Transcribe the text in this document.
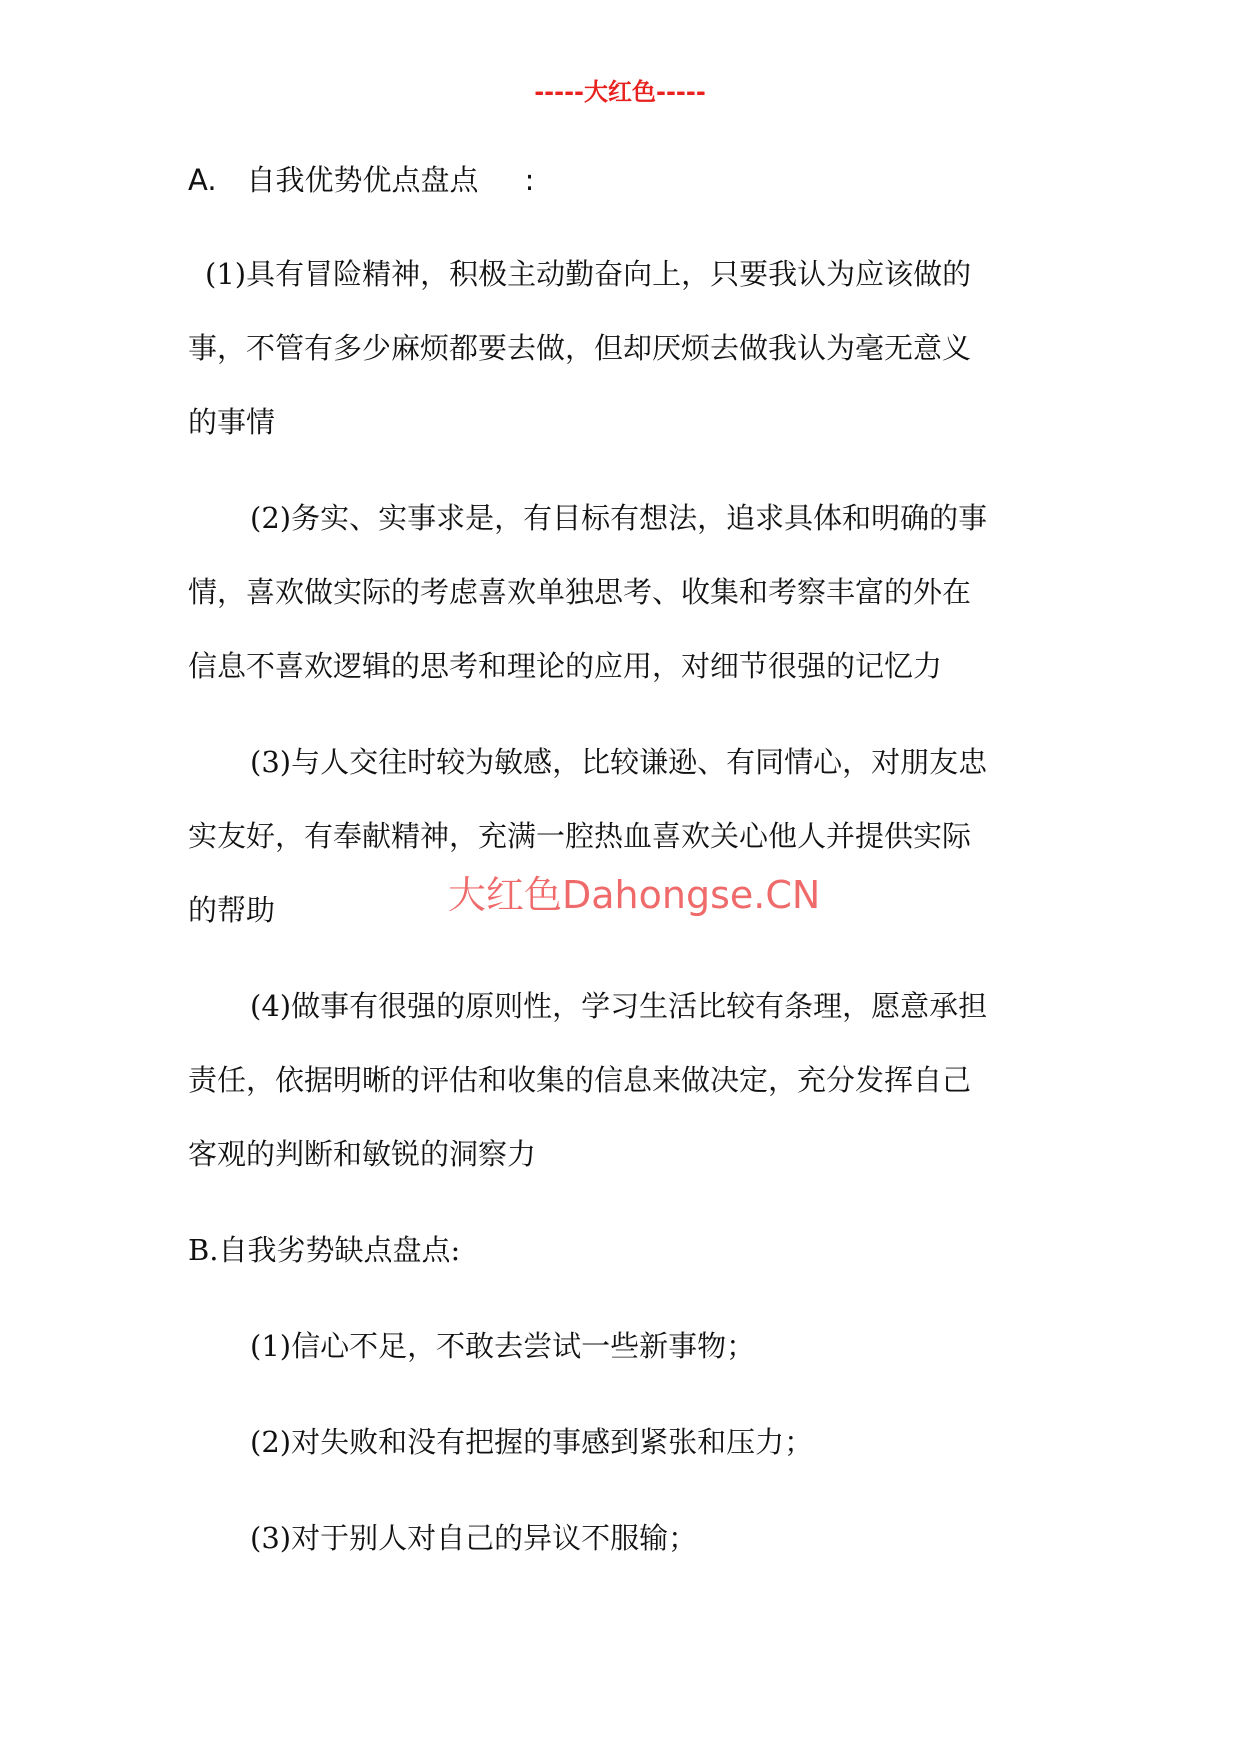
-----大红色-----
A. 自我优势优点盘点 :
(1)具有冒险精神，积极主动勤奋向上，只要我认为应该做的
事，不管有多少麻烦都要去做，但却厌烦去做我认为毫无意义
的事情
(2)务实、实事求是，有目标有想法，追求具体和明确的事
情，喜欢做实际的考虑喜欢单独思考、收集和考察丰富的外在
信息不喜欢逻辑的思考和理论的应用，对细节很强的记忆力
(3)与人交往时较为敏感，比较谦逊、有同情心，对朋友忠
实友好，有奉献精神，充满一腔热血喜欢关心他人并提供实际
的帮助
(4)做事有很强的原则性，学习生活比较有条理，愿意承担
责任，依据明晰的评估和收集的信息来做决定，充分发挥自己
客观的判断和敏锐的洞察力
B.自我劣势缺点盘点:
(1)信心不足，不敢去尝试一些新事物；
(2)对失败和没有把握的事感到紧张和压力；
(3)对于别人对自己的异议不服输；
大红色Dahongse.CN
